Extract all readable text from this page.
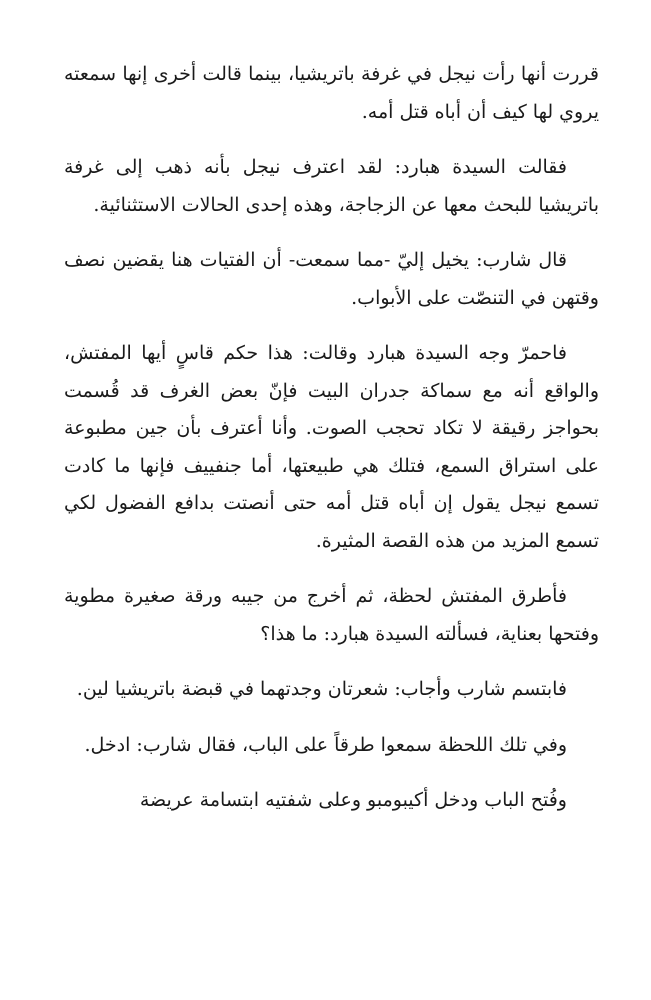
قررت أنها رأت نيجل في غرفة باتريشيا، بينما قالت أخرى إنها سمعته يروي لها كيف أن أباه قتل أمه.

فقالت السيدة هبارد: لقد اعترف نيجل بأنه ذهب إلى غرفة باتريشيا للبحث معها عن الزجاجة، وهذه إحدى الحالات الاستثنائية.

قال شارب: يخيل إليّ -مما سمعت- أن الفتيات هنا يقضين نصف وقتهن في التنصّت على الأبواب.

فاحمرّ وجه السيدة هبارد وقالت: هذا حكم قاسٍ أيها المفتش، والواقع أنه مع سماكة جدران البيت فإنّ بعض الغرف قد قُسمت بحواجز رقيقة لا تكاد تحجب الصوت. وأنا أعترف بأن جين مطبوعة على استراق السمع، فتلك هي طبيعتها، أما جنفييف فإنها ما كادت تسمع نيجل يقول إن أباه قتل أمه حتى أنصتت بدافع الفضول لكي تسمع المزيد من هذه القصة المثيرة.

فأطرق المفتش لحظة، ثم أخرج من جيبه ورقة صغيرة مطوية وفتحها بعناية، فسألته السيدة هبارد: ما هذا؟

فابتسم شارب وأجاب: شعرتان وجدتهما في قبضة باتريشيا لين.

وفي تلك اللحظة سمعوا طرقاً على الباب، فقال شارب: ادخل.

وفُتح الباب ودخل أكيبومبو وعلى شفتيه ابتسامة عريضة
